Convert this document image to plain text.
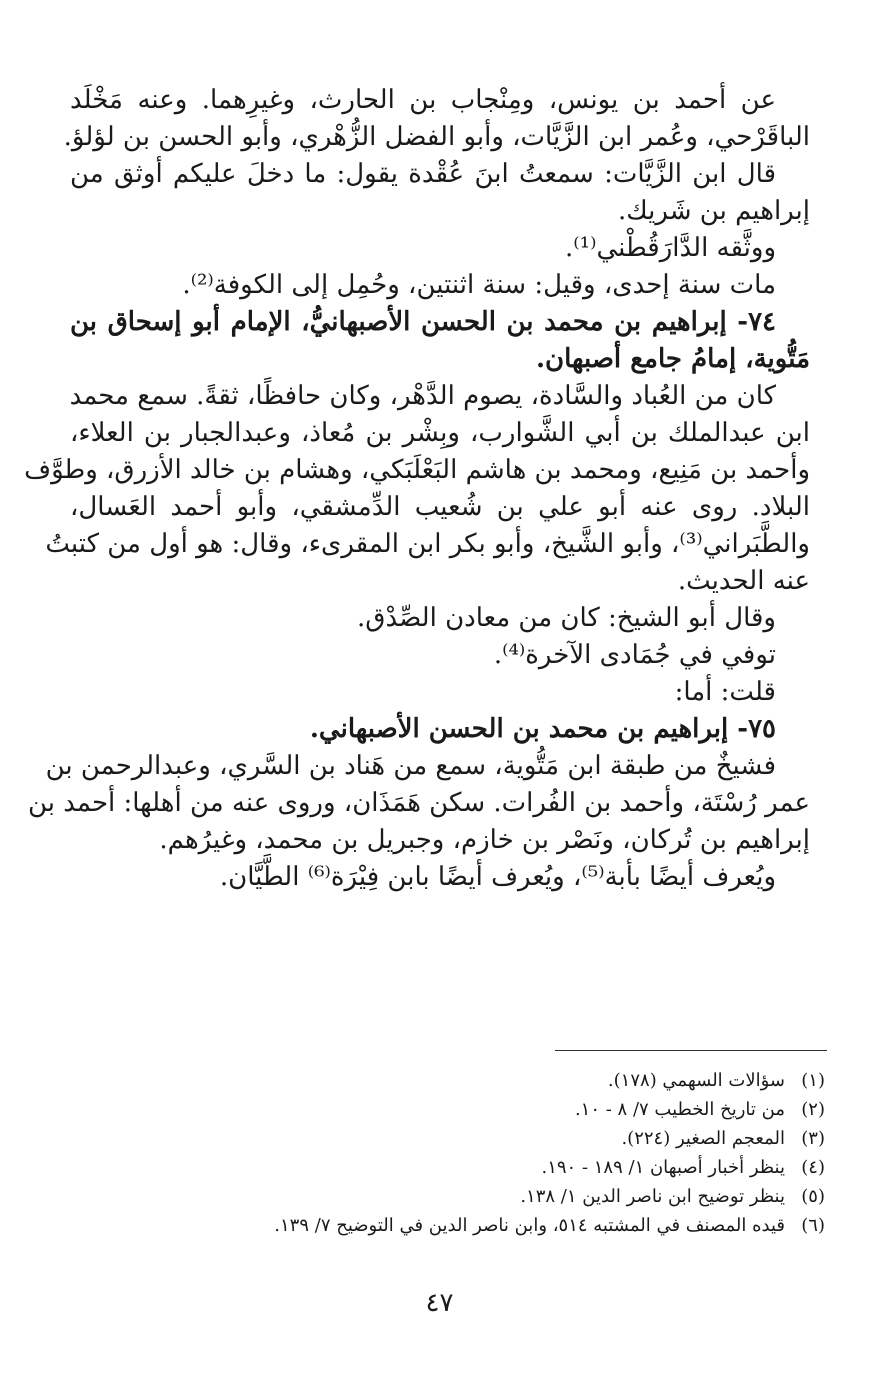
عن أحمد بن يونس، ومِنْجاب بن الحارث، وغيرِهما. وعنه مَخْلَد
الباقَرْحي، وعُمر ابن الزَّيَّات، وأبو الفضل الزُّهْري، وأبو الحسن بن لؤلؤ.
قال ابن الزَّيَّات: سمعتُ ابنَ عُقْدة يقول: ما دخلَ عليكم أوثق من
إبراهيم بن شَريك.
ووثَّقه الدَّارَقُطْني⁽¹⁾.
مات سنة إحدى، وقيل: سنة اثنتين، وحُمِل إلى الكوفة⁽²⁾.
٧٤- إبراهيم بن محمد بن الحسن الأصبهانيُّ، الإمام أبو إسحاق بن
مَتُّوية، إمامُ جامع أصبهان.
كان من العُباد والسَّادة، يصوم الدَّهْر، وكان حافظًا، ثقةً. سمع محمد
ابن عبدالملك بن أبي الشَّوارب، وبِشْر بن مُعاذ، وعبدالجبار بن العلاء،
وأحمد بن مَنِيع، ومحمد بن هاشم البَعْلَبَكي، وهشام بن خالد الأزرق، وطوَّف
البلاد. روى عنه أبو علي بن شُعيب الدِّمشقي، وأبو أحمد العَسال،
والطَّبَراني⁽³⁾، وأبو الشَّيخ، وأبو بكر ابن المقرىء، وقال: هو أول من كتبتُ
عنه الحديث.
وقال أبو الشيخ: كان من معادن الصِّدْق.
توفي في جُمَادى الآخرة⁽⁴⁾.
قلت: أما:
٧٥- إبراهيم بن محمد بن الحسن الأصبهاني.
فشيخٌ من طبقة ابن مَتُّوية، سمع من هَناد بن السَّري، وعبدالرحمن بن
عمر رُسْتَة، وأحمد بن الفُرات. سكن هَمَذَان، وروى عنه من أهلها: أحمد بن
إبراهيم بن تُركان، ونَصْر بن خازم، وجبريل بن محمد، وغيرُهم.
ويُعرف أيضًا بأبة⁽⁵⁾، ويُعرف أيضًا بابن فِيْرَة⁽⁶⁾ الطَّيَّان.
(١)سؤالات السهمي (١٧٨).
(٢)من تاريخ الخطيب ٧/ ٨ - ١٠.
(٣)المعجم الصغير (٢٢٤).
(٤)ينظر أخبار أصبهان ١/ ١٨٩ - ١٩٠.
(٥)ينظر توضيح ابن ناصر الدين ١/ ١٣٨.
(٦)قيده المصنف في المشتبه ٥١٤، وابن ناصر الدين في التوضيح ٧/ ١٣٩.
٤٧
